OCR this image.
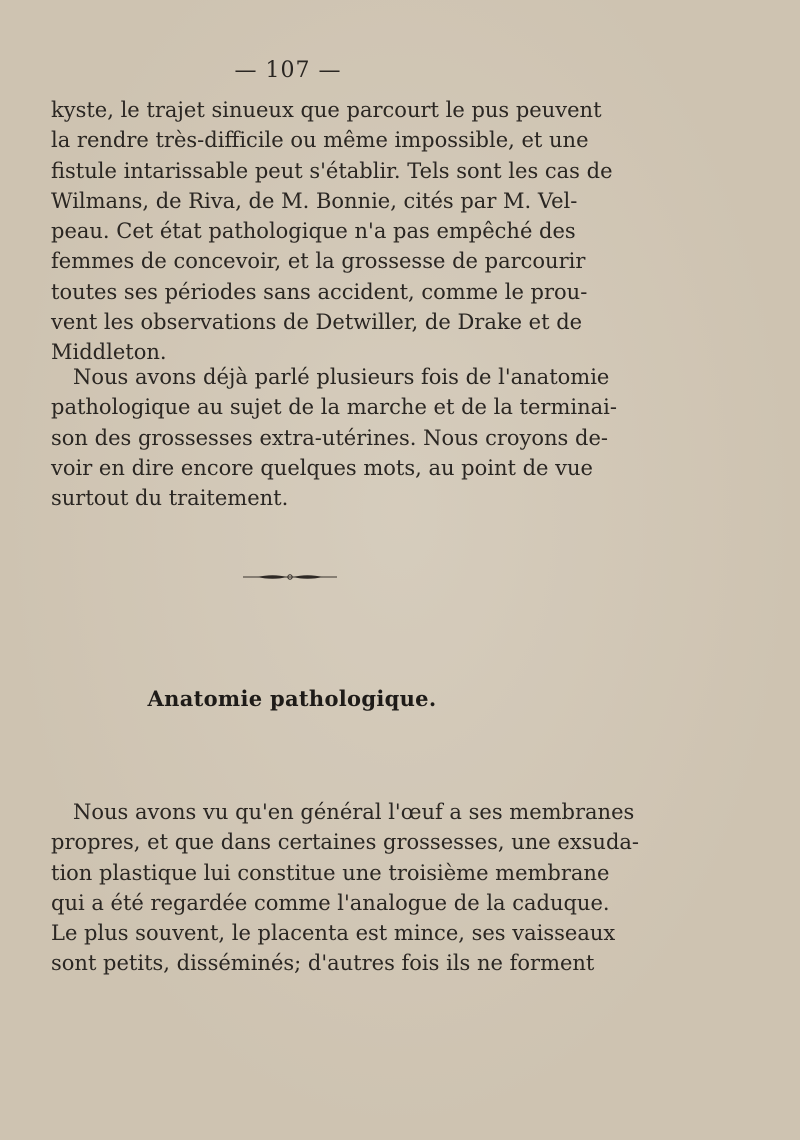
— 107 —
kyste, le trajet sinueux que parcourt le pus peuvent
la rendre très-difficile ou même impossible, et une
fistule intarissable peut s'établir. Tels sont les cas de
Wilmans, de Riva, de M. Bonnie, cités par M. Vel-
peau. Cet état pathologique n'a pas empêché des
femmes de concevoir, et la grossesse de parcourir
toutes ses périodes sans accident, comme le prou-
vent les observations de Detwiller, de Drake et de
Middleton.
Nous avons déjà parlé plusieurs fois de l'anatomie
pathologique au sujet de la marche et de la terminai-
son des grossesses extra-utérines. Nous croyons de-
voir en dire encore quelques mots, au point de vue
surtout du traitement.
Anatomie pathologique.
Nous avons vu qu'en général l'œuf a ses membranes
propres, et que dans certaines grossesses, une exsuda-
tion plastique lui constitue une troisième membrane
qui a été regardée comme l'analogue de la caduque.
Le plus souvent, le placenta est mince, ses vaisseaux
sont petits, disséminés; d'autres fois ils ne forment
